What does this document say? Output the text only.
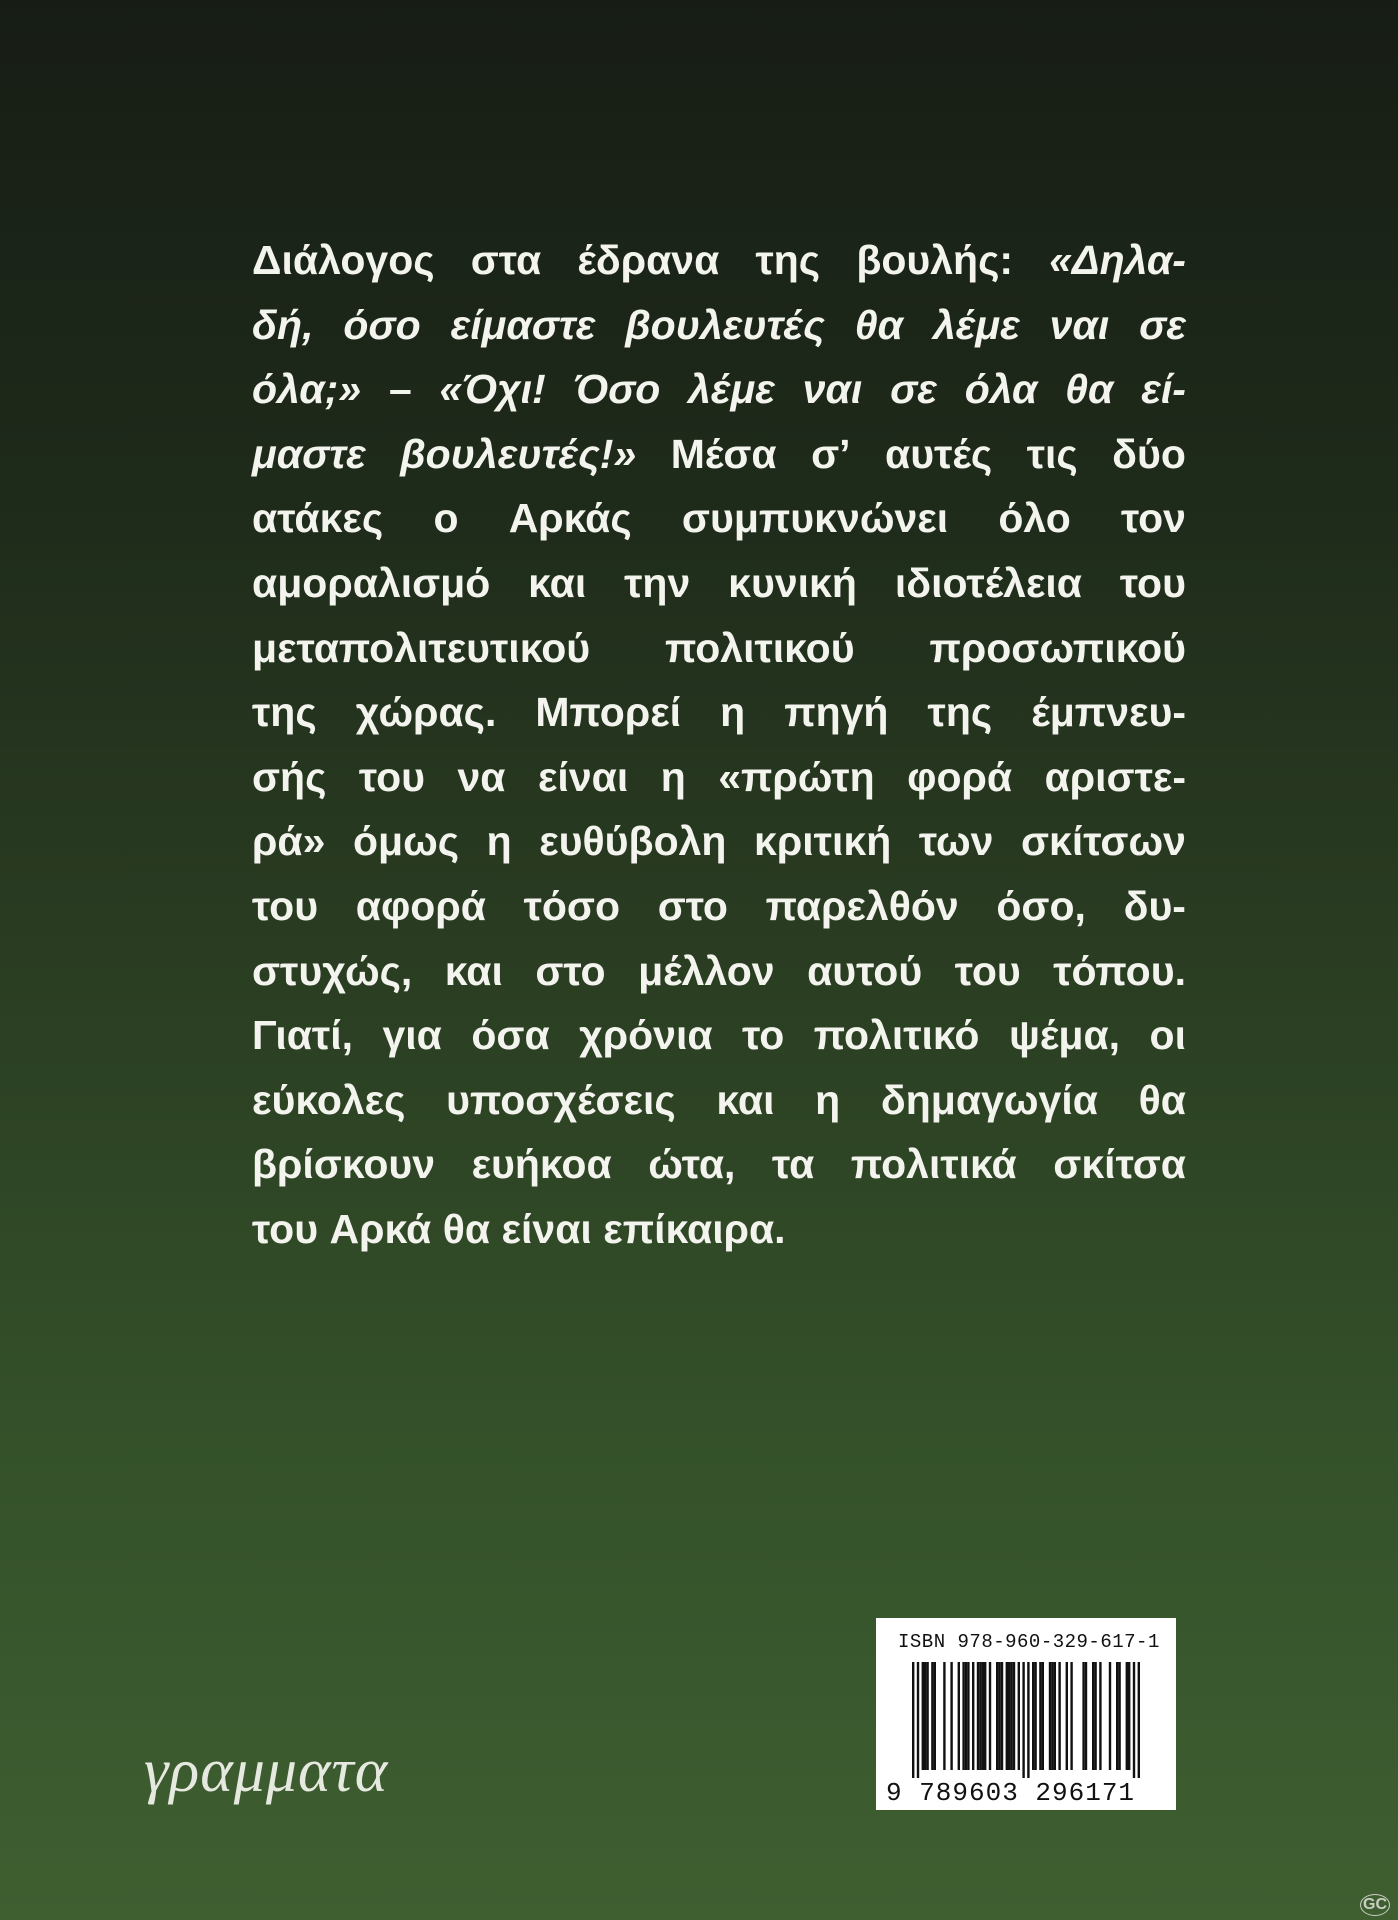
Διάλογος στα έδρανα της βουλής: «Δηλα-
δή, όσο είμαστε βουλευτές θα λέμε ναι σε
όλα;» – «Όχι! Όσο λέμε ναι σε όλα θα εί-
μαστε βουλευτές!» Μέσα σ’ αυτές τις δύο
ατάκες ο Αρκάς συμπυκνώνει όλο τον
αμοραλισμό και την κυνική ιδιοτέλεια του
μεταπολιτευτικού πολιτικού προσωπικού
της χώρας. Μπορεί η πηγή της έμπνευ-
σής του να είναι η «πρώτη φορά αριστε-
ρά» όμως η ευθύβολη κριτική των σκίτσων
του αφορά τόσο στο παρελθόν όσο, δυ-
στυχώς, και στο μέλλον αυτού του τόπου.
Γιατί, για όσα χρόνια το πολιτικό ψέμα, οι
εύκολες υποσχέσεις και η δημαγωγία θα
βρίσκουν ευήκοα ώτα, τα πολιτικά σκίτσα
του Αρκά θα είναι επίκαιρα.
ISBN 978-960-329-617-1
9 789603 296171
γραμματα
GC
